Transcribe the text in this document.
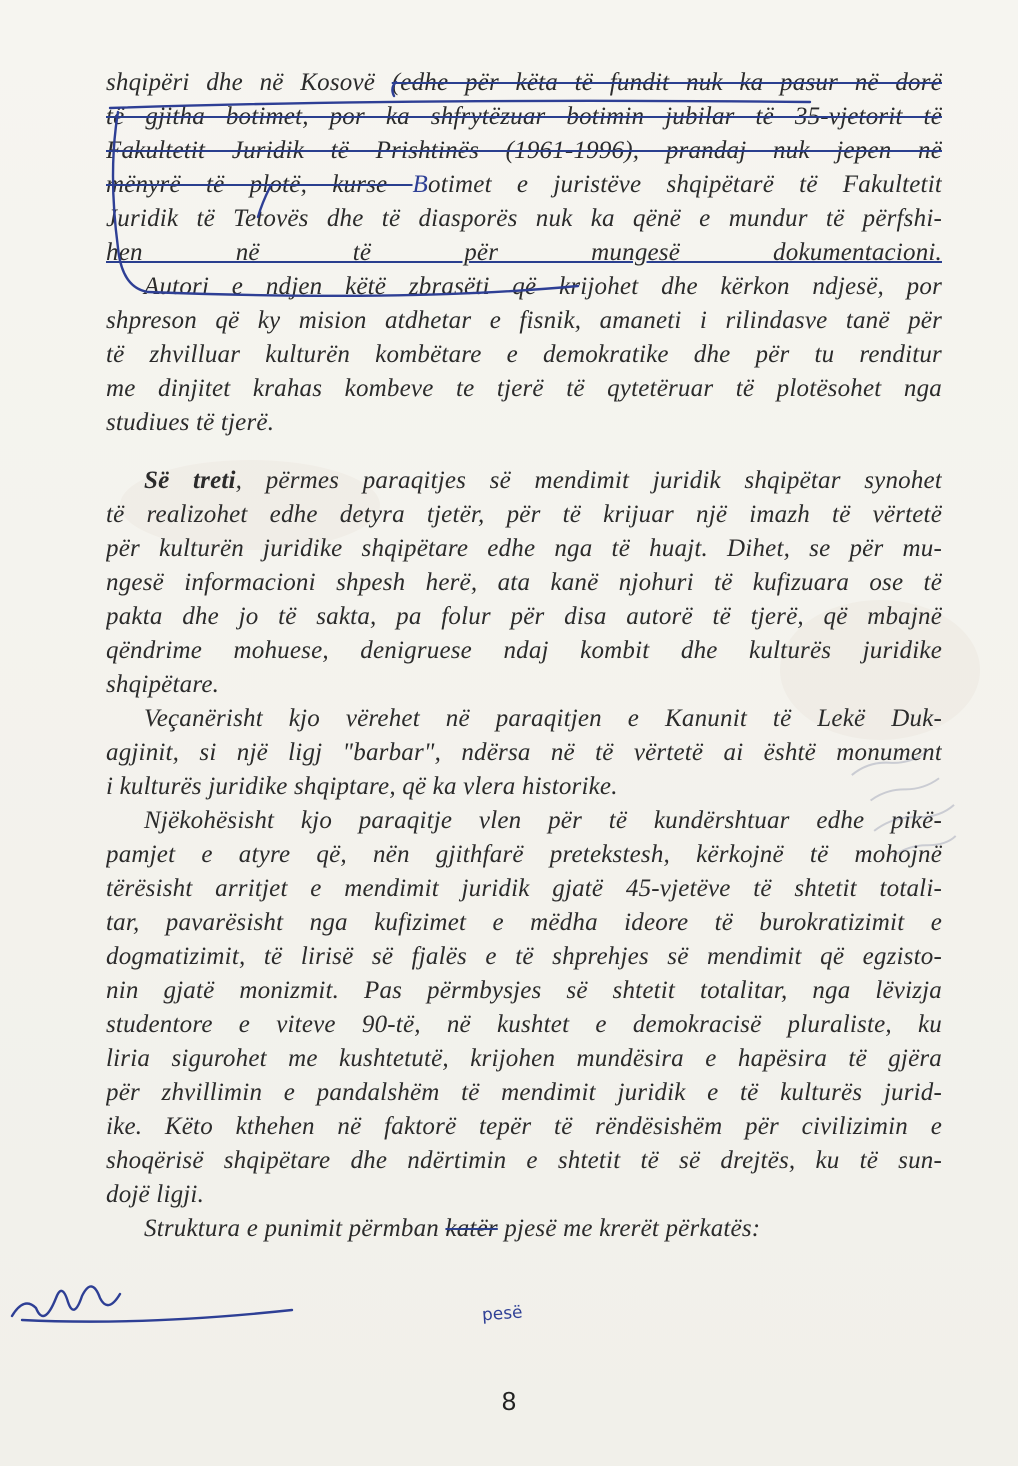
shqipëri dhe në Kosovë (edhe për këta të fundit nuk ka pasur në dorë
të gjitha botimet, por ka shfrytëzuar botimin jubilar të 35-vjetorit të
Fakultetit Juridik të Prishtinës (1961-1996), prandaj nuk jepen në
mënyrë të plotë, kurse Botimet e juristëve shqipëtarë të Fakultetit
Juridik të Tetovës dhe të diasporës nuk ka qënë e mundur të përfshi-
hen në të për mungesë dokumentacioni.
Autori e ndjen këtë zbrasëti që krijohet dhe kërkon ndjesë, por
shpreson që ky mision atdhetar e fisnik, amaneti i rilindasve tanë për
të zhvilluar kulturën kombëtare e demokratike dhe për tu renditur
me dinjitet krahas kombeve te tjerë të qytetëruar të plotësohet nga
studiues të tjerë.
Së treti, përmes paraqitjes së mendimit juridik shqipëtar synohet
të realizohet edhe detyra tjetër, për të krijuar një imazh të vërtetë
për kulturën juridike shqipëtare edhe nga të huajt. Dihet, se për mu-
ngesë informacioni shpesh herë, ata kanë njohuri të kufizuara ose të
pakta dhe jo të sakta, pa folur për disa autorë të tjerë, që mbajnë
qëndrime mohuese, denigruese ndaj kombit dhe kulturës juridike
shqipëtare.
Veçanërisht kjo vërehet në paraqitjen e Kanunit të Lekë Duk-
agjinit, si një ligj "barbar", ndërsa në të vërtetë ai është monument
i kulturës juridike shqiptare, që ka vlera historike.
Njëkohësisht kjo paraqitje vlen për të kundërshtuar edhe pikë-
pamjet e atyre që, nën gjithfarë pretekstesh, kërkojnë të mohojnë
tërësisht arritjet e mendimit juridik gjatë 45-vjetëve të shtetit totali-
tar, pavarësisht nga kufizimet e mëdha ideore të burokratizimit e
dogmatizimit, të lirisë së fjalës e të shprehjes së mendimit që egzisto-
nin gjatë monizmit. Pas përmbysjes së shtetit totalitar, nga lëvizja
studentore e viteve 90-të, në kushtet e demokracisë pluraliste, ku
liria sigurohet me kushtetutë, krijohen mundësira e hapësira të gjëra
për zhvillimin e pandalshëm të mendimit juridik e të kulturës jurid-
ike. Këto kthehen në faktorë tepër të rëndësishëm për civilizimin e
shoqërisë shqipëtare dhe ndërtimin e shtetit të së drejtës, ku të sun-
dojë ligji.
Struktura e punimit përmban katër pjesë me krerët përkatës:
pesë
8
